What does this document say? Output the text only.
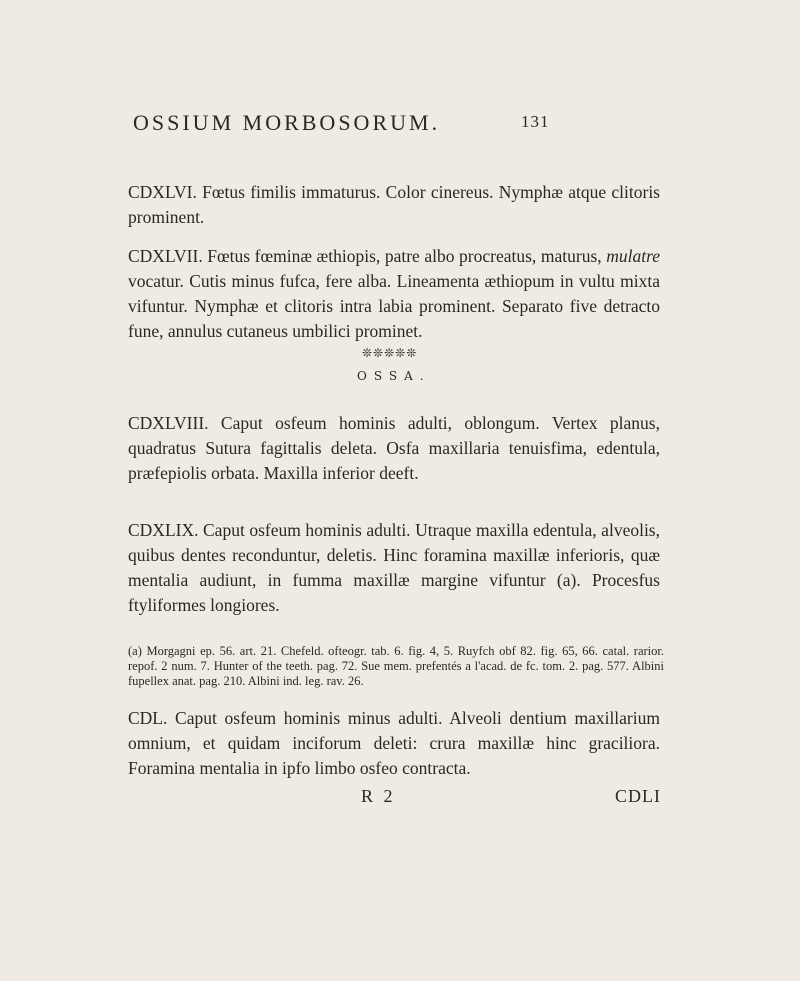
OSSIUM MORBOSORUM.	131

CDXLVI. Fœtus fimilis immaturus. Color cinereus. Nymphæ atque clitoris prominent.

CDXLVII. Fœtus fœminæ æthiopis, patre albo procreatus, maturus, mulatre vocatur. Cutis minus fufca, fere alba. Lineamenta æthiopum in vultu mixta vifuntur. Nymphæ et clitoris intra labia prominent. Separato five detracto fune, annulus cutaneus umbilici prominet.

❊❊❊❊❊
OSSA.

CDXLVIII. Caput osfeum hominis adulti, oblongum. Vertex planus, quadratus Sutura fagittalis deleta. Osfa maxillaria tenuisfima, edentula, præfepiolis orbata. Maxilla inferior deeft.

CDXLIX. Caput osfeum hominis adulti. Utraque maxilla edentula, alveolis, quibus dentes reconduntur, deletis. Hinc foramina maxillæ inferioris, quæ mentalia audiunt, in fumma maxillæ margine vifuntur (a). Procesfus ftyliformes longiores.

(a) Morgagni ep. 56. art. 21. Chefeld. ofteogr. tab. 6. fig. 4, 5. Ruyfch obf 82. fig. 65, 66. catal. rarior. repof. 2 num. 7. Hunter of the teeth. pag. 72. Sue mem. prefentés a l'acad. de fc. tom. 2. pag. 577. Albini fupellex anat. pag. 210. Albini ind. leg. rav. 26.

CDL. Caput osfeum hominis minus adulti. Alveoli dentium maxillarium omnium, et quidam inciforum deleti: crura maxillæ hinc graciliora. Foramina mentalia in ipfo limbo osfeo contracta.

R 2	CDLI
